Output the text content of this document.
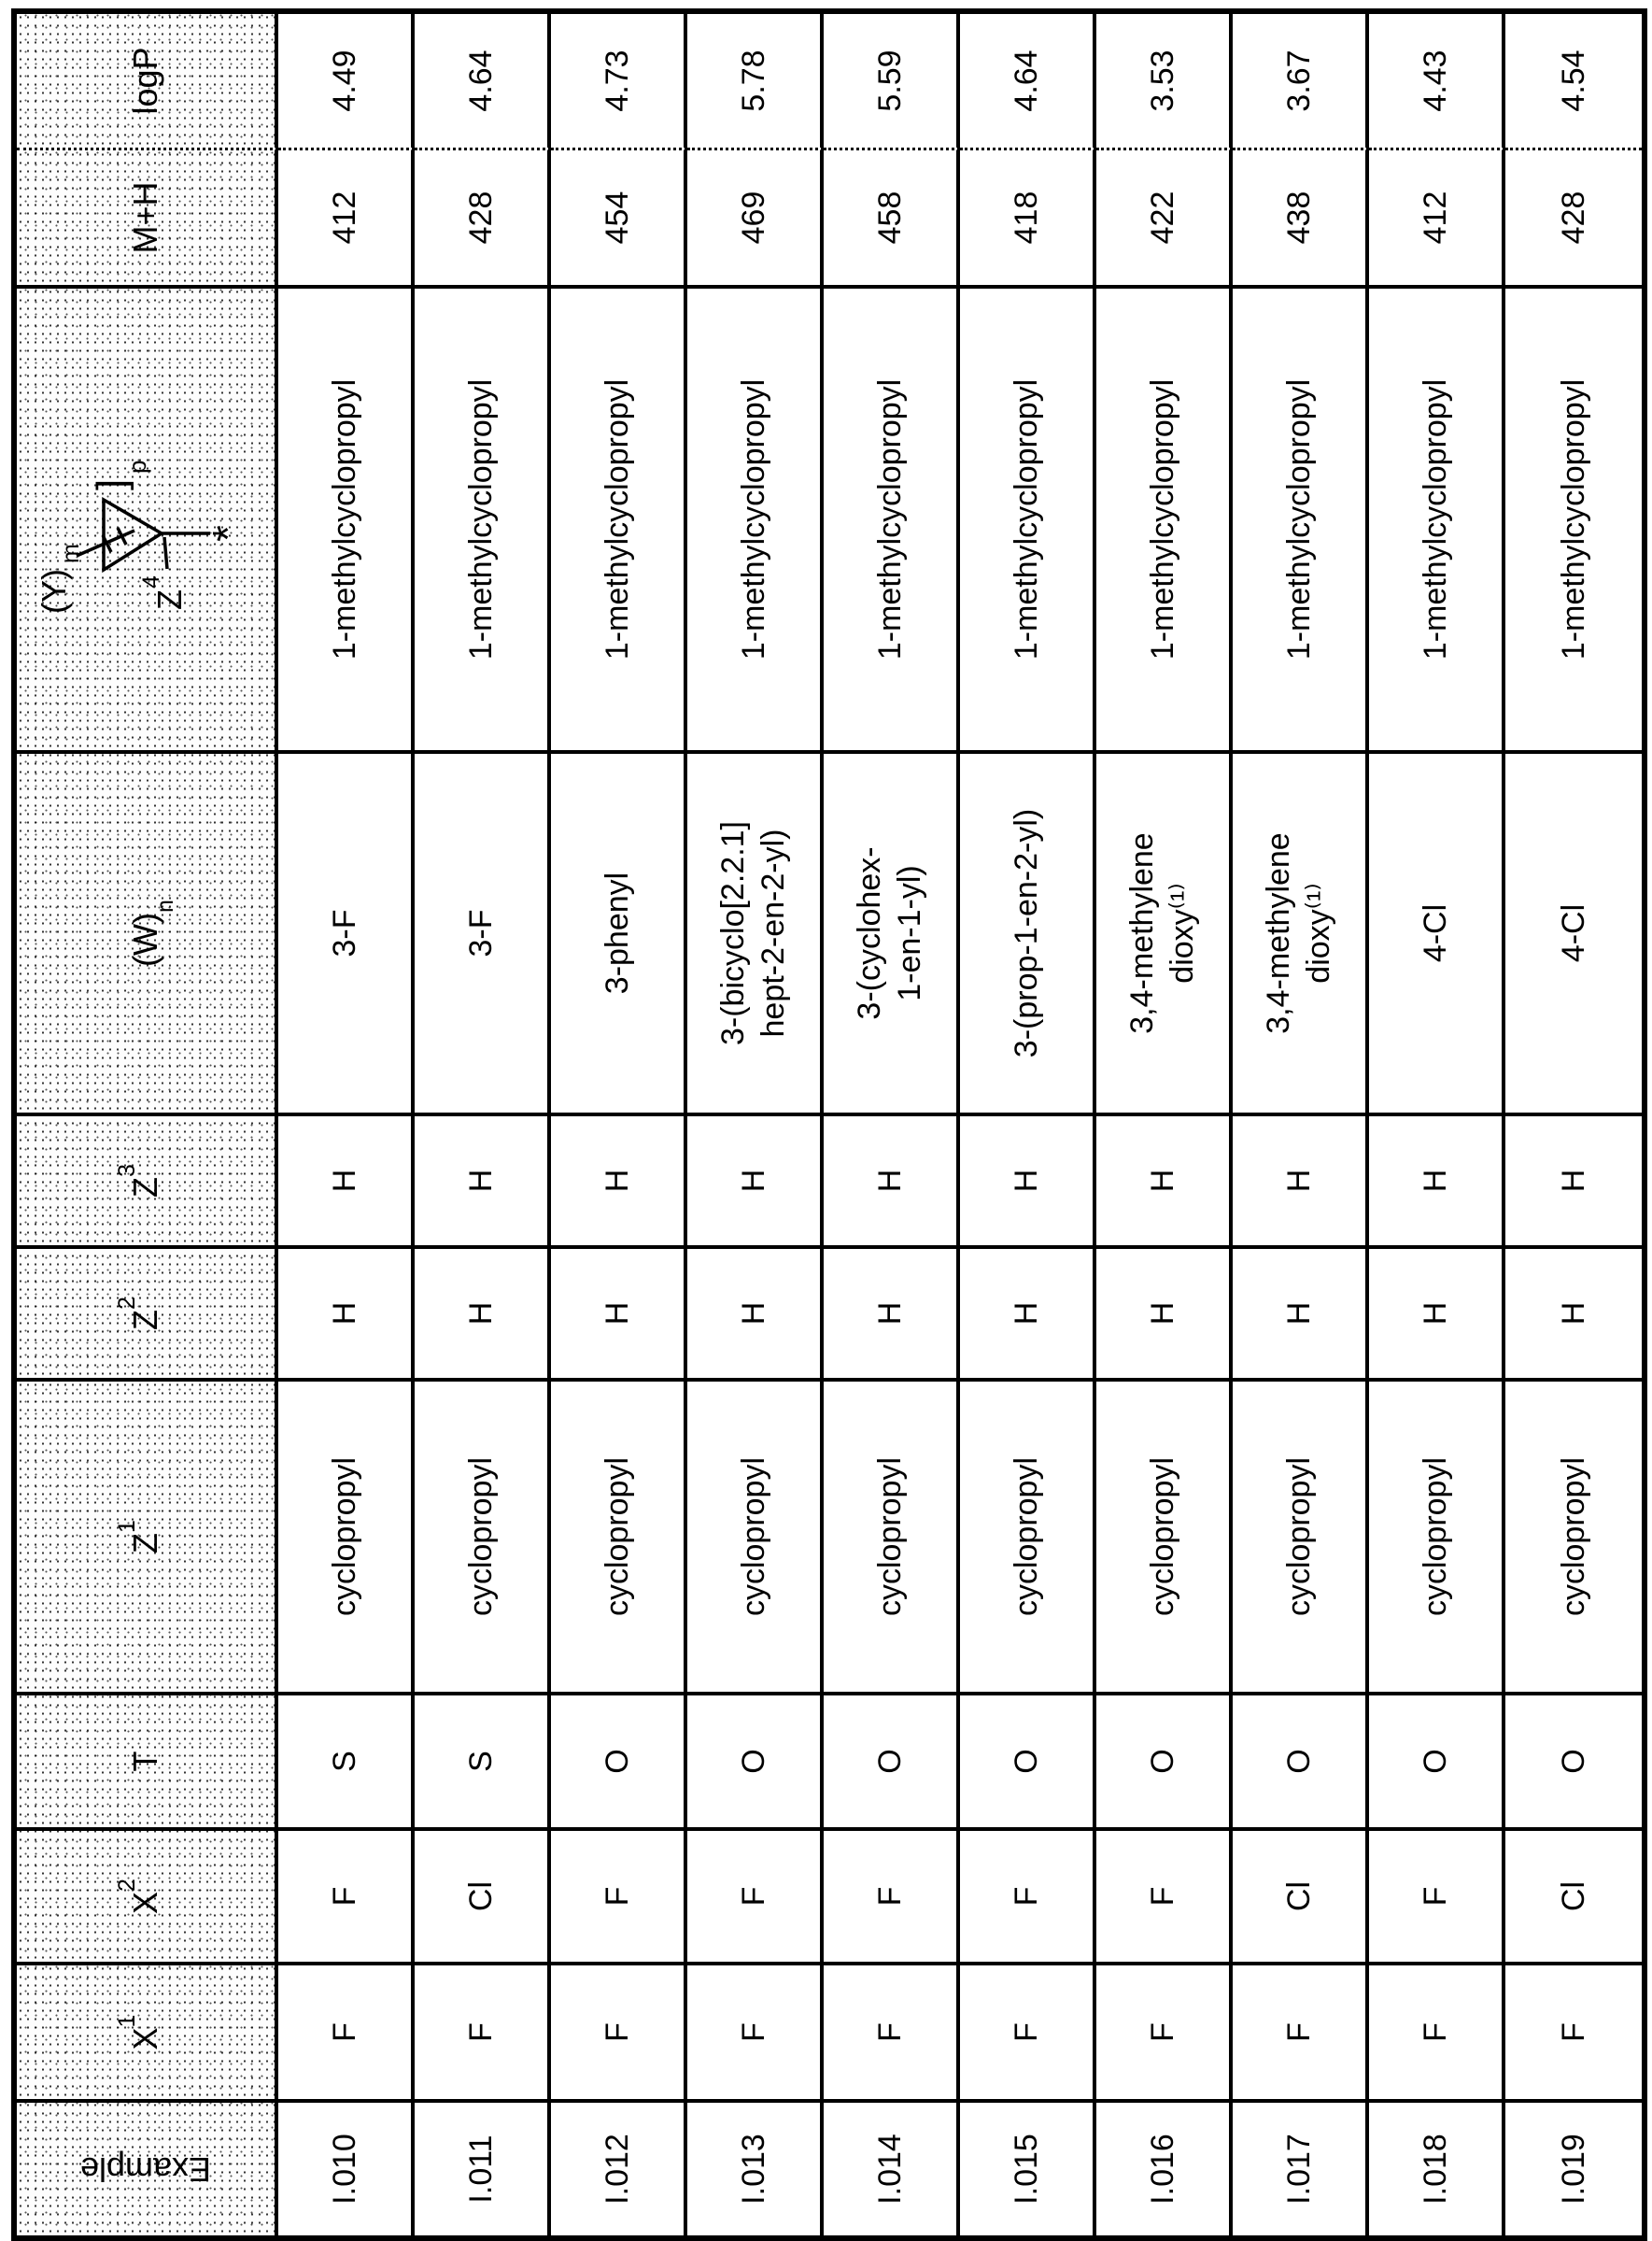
Example
$X^1$
$X^2$
T
$Z^1$
$Z^2$
$Z^3$
$(W)_n$
(Y)
m
Z
4
]
p
*
M+H
logP
I.010
F
F
S
cyclopropyl
H
H
3-F
1-methylcyclopropyl
412
4.49
I.011
F
Cl
S
cyclopropyl
H
H
3-F
1-methylcyclopropyl
428
4.64
I.012
F
F
O
cyclopropyl
H
H
3-phenyl
1-methylcyclopropyl
454
4.73
I.013
F
F
O
cyclopropyl
H
H
3-(bicyclo[2.2.1]
hept-2-en-2-yl)
1-methylcyclopropyl
469
5.78
I.014
F
F
O
cyclopropyl
H
H
3-(cyclohex-
1-en-1-yl)
1-methylcyclopropyl
458
5.59
I.015
F
F
O
cyclopropyl
H
H
3-(prop-1-en-2-yl)
1-methylcyclopropyl
418
4.64
I.016
F
F
O
cyclopropyl
H
H
3,4-methylene
dioxy⁽¹⁾
1-methylcyclopropyl
422
3.53
I.017
F
Cl
O
cyclopropyl
H
H
3,4-methylene
dioxy⁽¹⁾
1-methylcyclopropyl
438
3.67
I.018
F
F
O
cyclopropyl
H
H
4-Cl
1-methylcyclopropyl
412
4.43
I.019
F
Cl
O
cyclopropyl
H
H
4-Cl
1-methylcyclopropyl
428
4.54
